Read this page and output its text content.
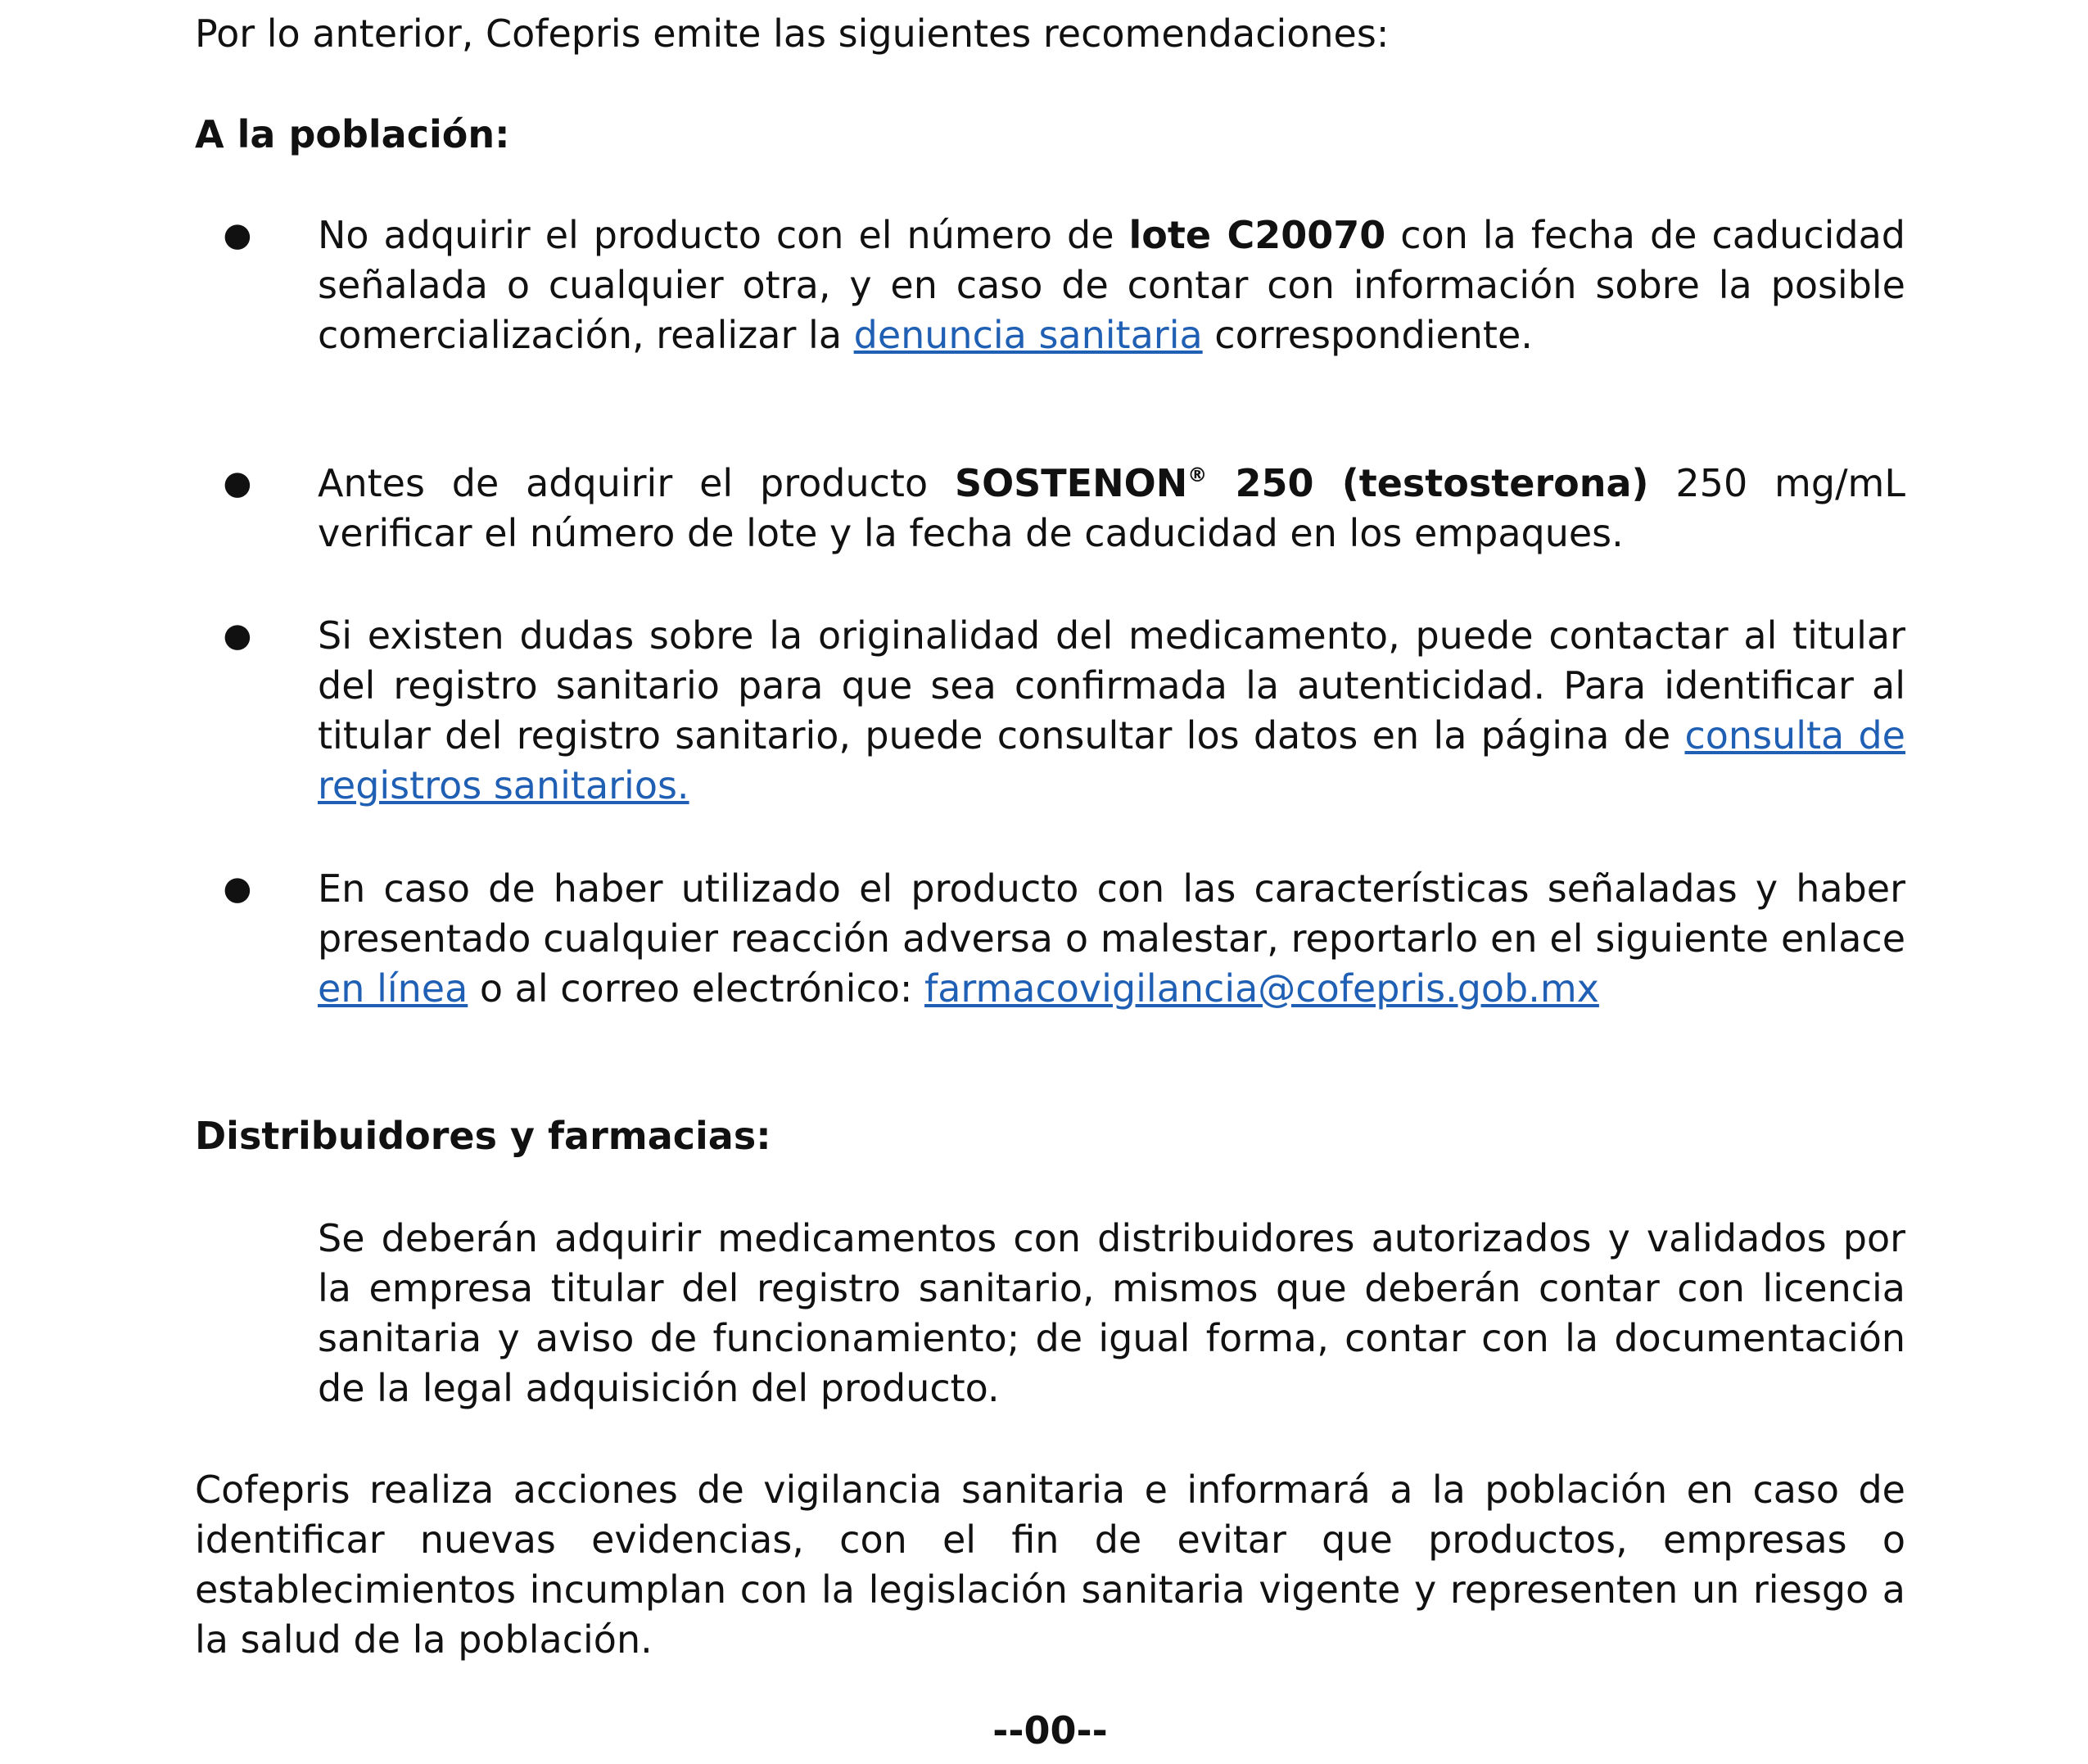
Por lo anterior, Cofepris emite las siguientes recomendaciones:

A la población:

● No adquirir el producto con el número de lote C20070 con la fecha de caducidad señalada o cualquier otra, y en caso de contar con información sobre la posible comercialización, realizar la denuncia sanitaria correspondiente.

● Antes de adquirir el producto SOSTENON® 250 (testosterona) 250 mg/mL verificar el número de lote y la fecha de caducidad en los empaques.

● Si existen dudas sobre la originalidad del medicamento, puede contactar al titular del registro sanitario para que sea confirmada la autenticidad. Para identificar al titular del registro sanitario, puede consultar los datos en la página de consulta de registros sanitarios.

● En caso de haber utilizado el producto con las características señaladas y haber presentado cualquier reacción adversa o malestar, reportarlo en el siguiente enlace en línea o al correo electrónico: farmacovigilancia@cofepris.gob.mx

Distribuidores y farmacias:

Se deberán adquirir medicamentos con distribuidores autorizados y validados por la empresa titular del registro sanitario, mismos que deberán contar con licencia sanitaria y aviso de funcionamiento; de igual forma, contar con la documentación de la legal adquisición del producto.

Cofepris realiza acciones de vigilancia sanitaria e informará a la población en caso de identificar nuevas evidencias, con el fin de evitar que productos, empresas o establecimientos incumplan con la legislación sanitaria vigente y representen un riesgo a la salud de la población.

--00--
